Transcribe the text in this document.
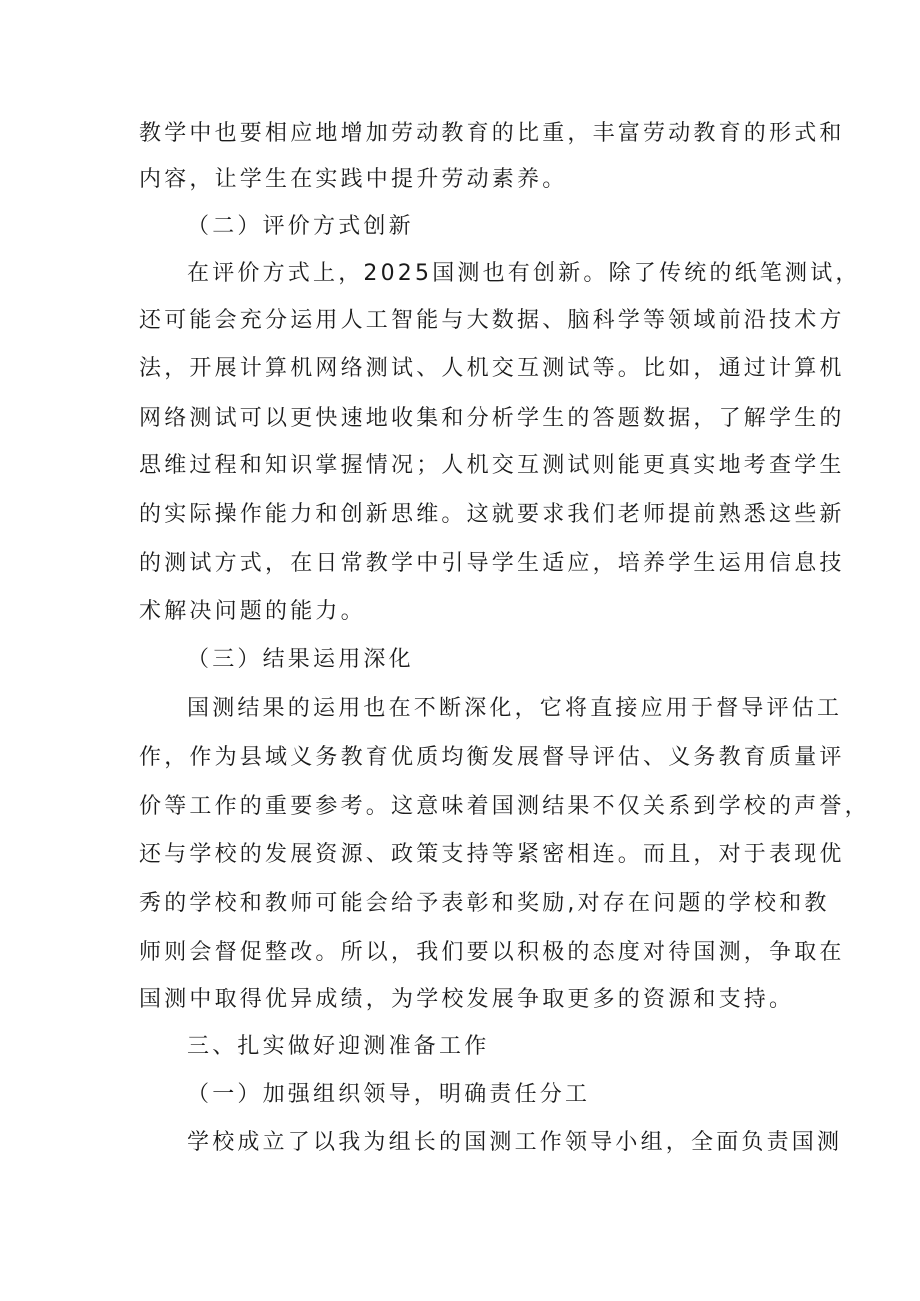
教学中也要相应地增加劳动教育的比重，丰富劳动教育的形式和
内容，让学生在实践中提升劳动素养。
（二）评价方式创新
在评价方式上，2025国测也有创新。除了传统的纸笔测试，
还可能会充分运用人工智能与大数据、脑科学等领域前沿技术方
法，开展计算机网络测试、人机交互测试等。比如，通过计算机
网络测试可以更快速地收集和分析学生的答题数据，了解学生的
思维过程和知识掌握情况；人机交互测试则能更真实地考查学生
的实际操作能力和创新思维。这就要求我们老师提前熟悉这些新
的测试方式，在日常教学中引导学生适应，培养学生运用信息技
术解决问题的能力。
（三）结果运用深化
国测结果的运用也在不断深化，它将直接应用于督导评估工
作，作为县域义务教育优质均衡发展督导评估、义务教育质量评
价等工作的重要参考。这意味着国测结果不仅关系到学校的声誉，
还与学校的发展资源、政策支持等紧密相连。而且，对于表现优
秀的学校和教师可能会给予表彰和奖励,对存在问题的学校和教
师则会督促整改。所以，我们要以积极的态度对待国测，争取在
国测中取得优异成绩，为学校发展争取更多的资源和支持。
三、扎实做好迎测准备工作
（一）加强组织领导，明确责任分工
学校成立了以我为组长的国测工作领导小组，全面负责国测
